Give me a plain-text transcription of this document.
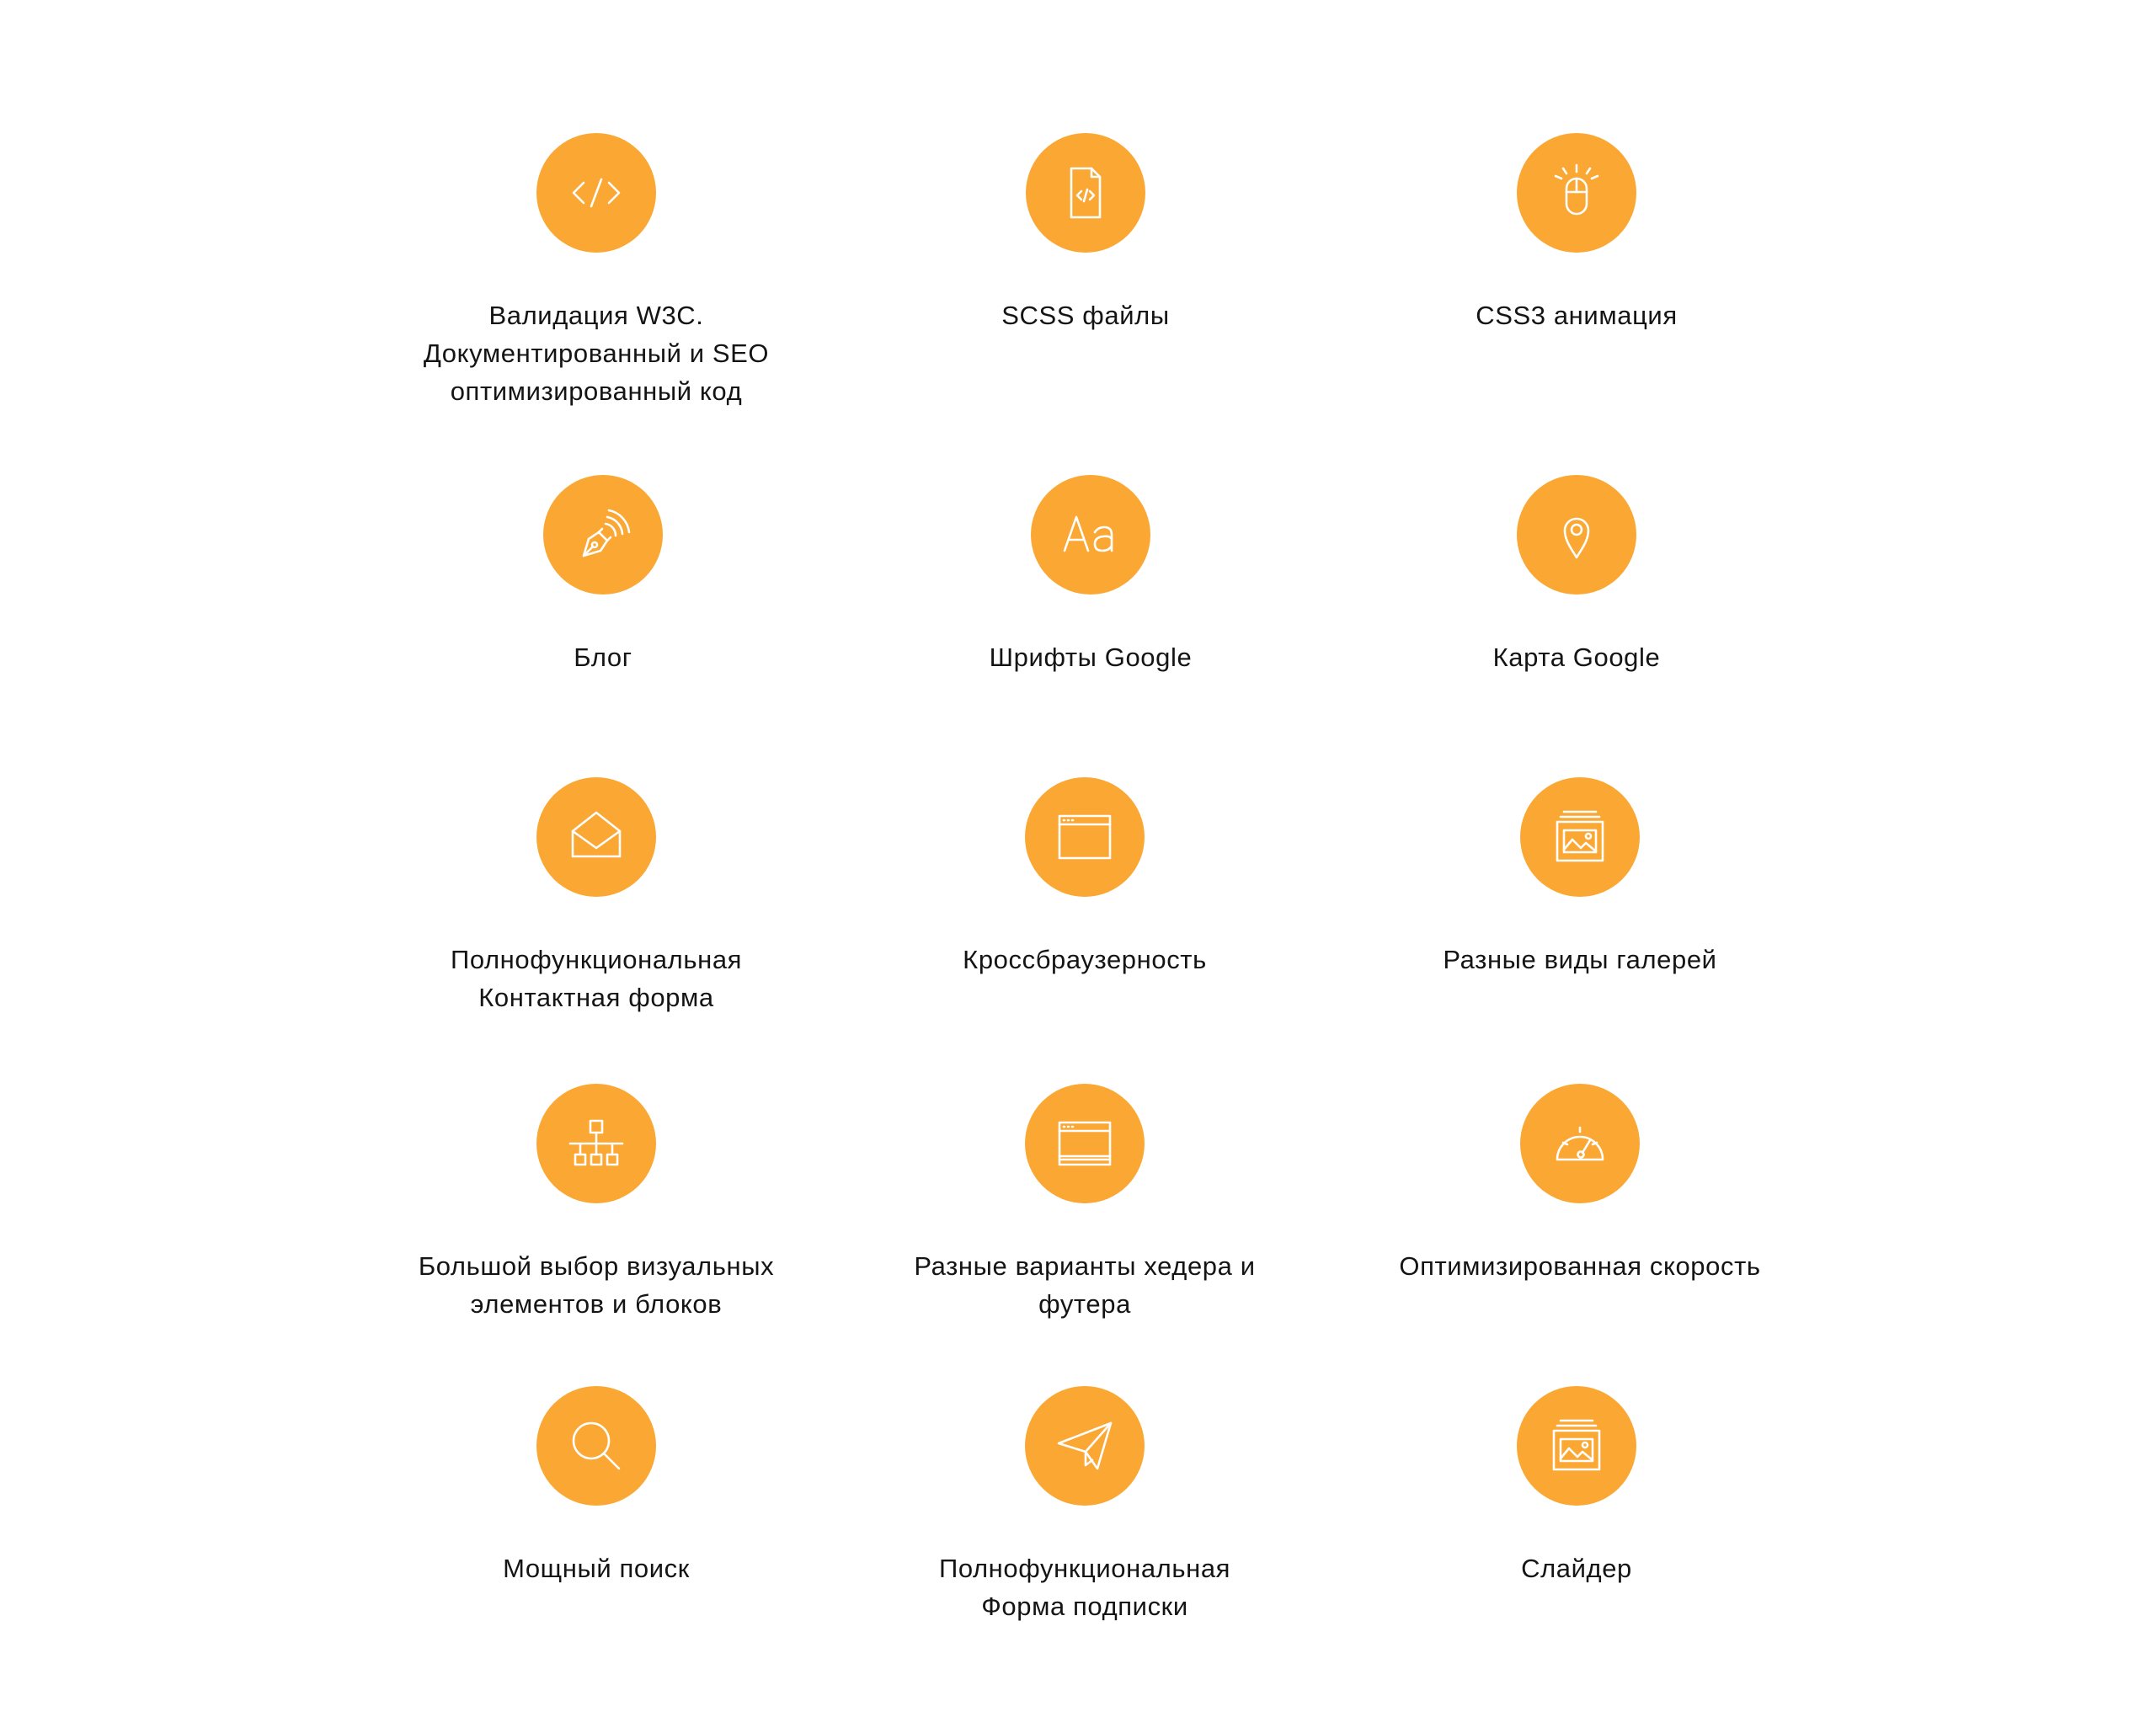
Валидация W3C.
Документированный и SEO
оптимизированный код
SCSS файлы	CSS3 анимация
Блог	Шрифты Google	Карта Google
Полнофункциональная
Контактная форма
Кроссбраузерность	Разные виды галерей
Большой выбор визуальных
элементов и блоков
Разные варианты хедера и
футера
Оптимизированная скорость
Мощный поиск	Полнофункциональная
Форма подписки
Слайдер
